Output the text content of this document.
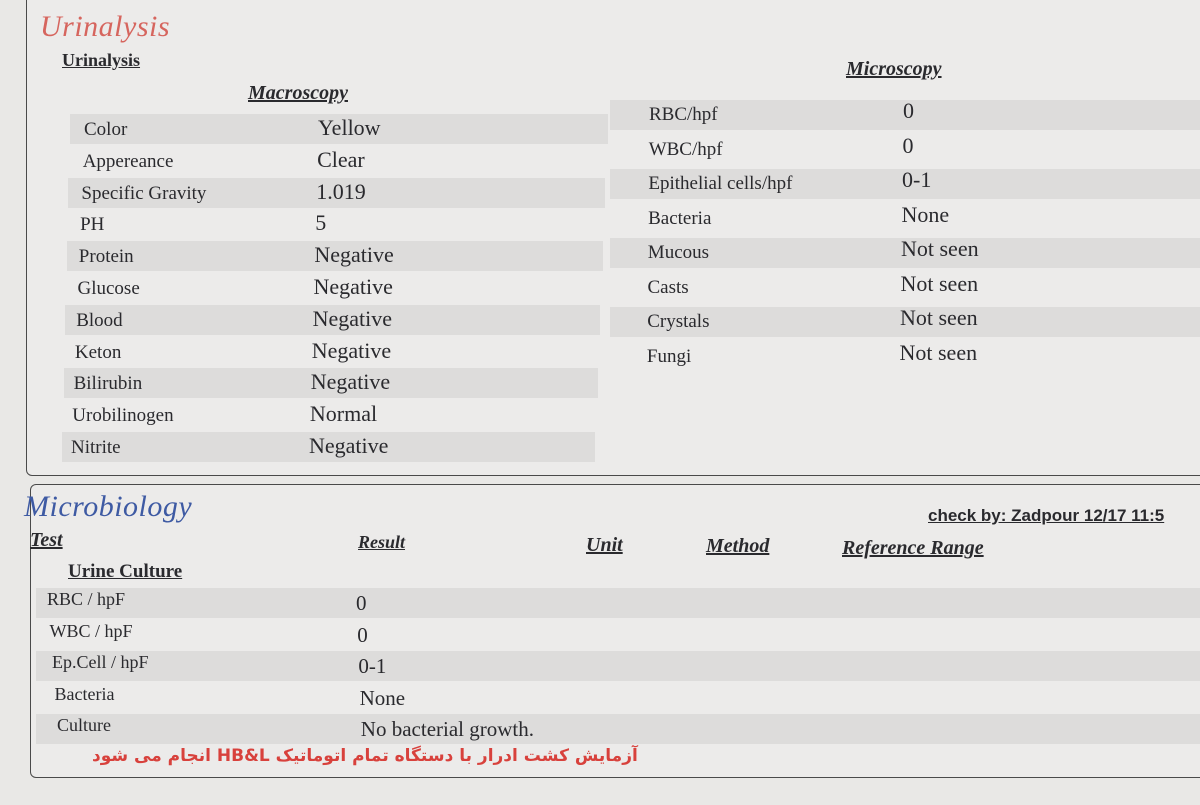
Urinalysis
Urinalysis
Macroscopy
Microscopy
Color	Yellow
Appereance	Clear
Specific Gravity	1.019
PH	5
Protein	Negative
Glucose	Negative
Blood	Negative
Keton	Negative
Bilirubin	Negative
Urobilinogen	Normal
Nitrite	Negative
RBC/hpf	0
WBC/hpf	0
Epithelial cells/hpf	0-1
Bacteria	None
Mucous	Not seen
Casts	Not seen
Crystals	Not seen
Fungi	Not seen
Microbiology	check by: Zadpour 12/17 11:5
Test	Result	Unit	Method	Reference Range
Urine Culture
RBC / hpF	0
WBC / hpF	0
Ep.Cell / hpF	0-1
Bacteria	None
Culture	No bacterial growth.
آزمایش کشت ادرار با دستگاه تمام اتوماتیک HB&L انجام می شود
